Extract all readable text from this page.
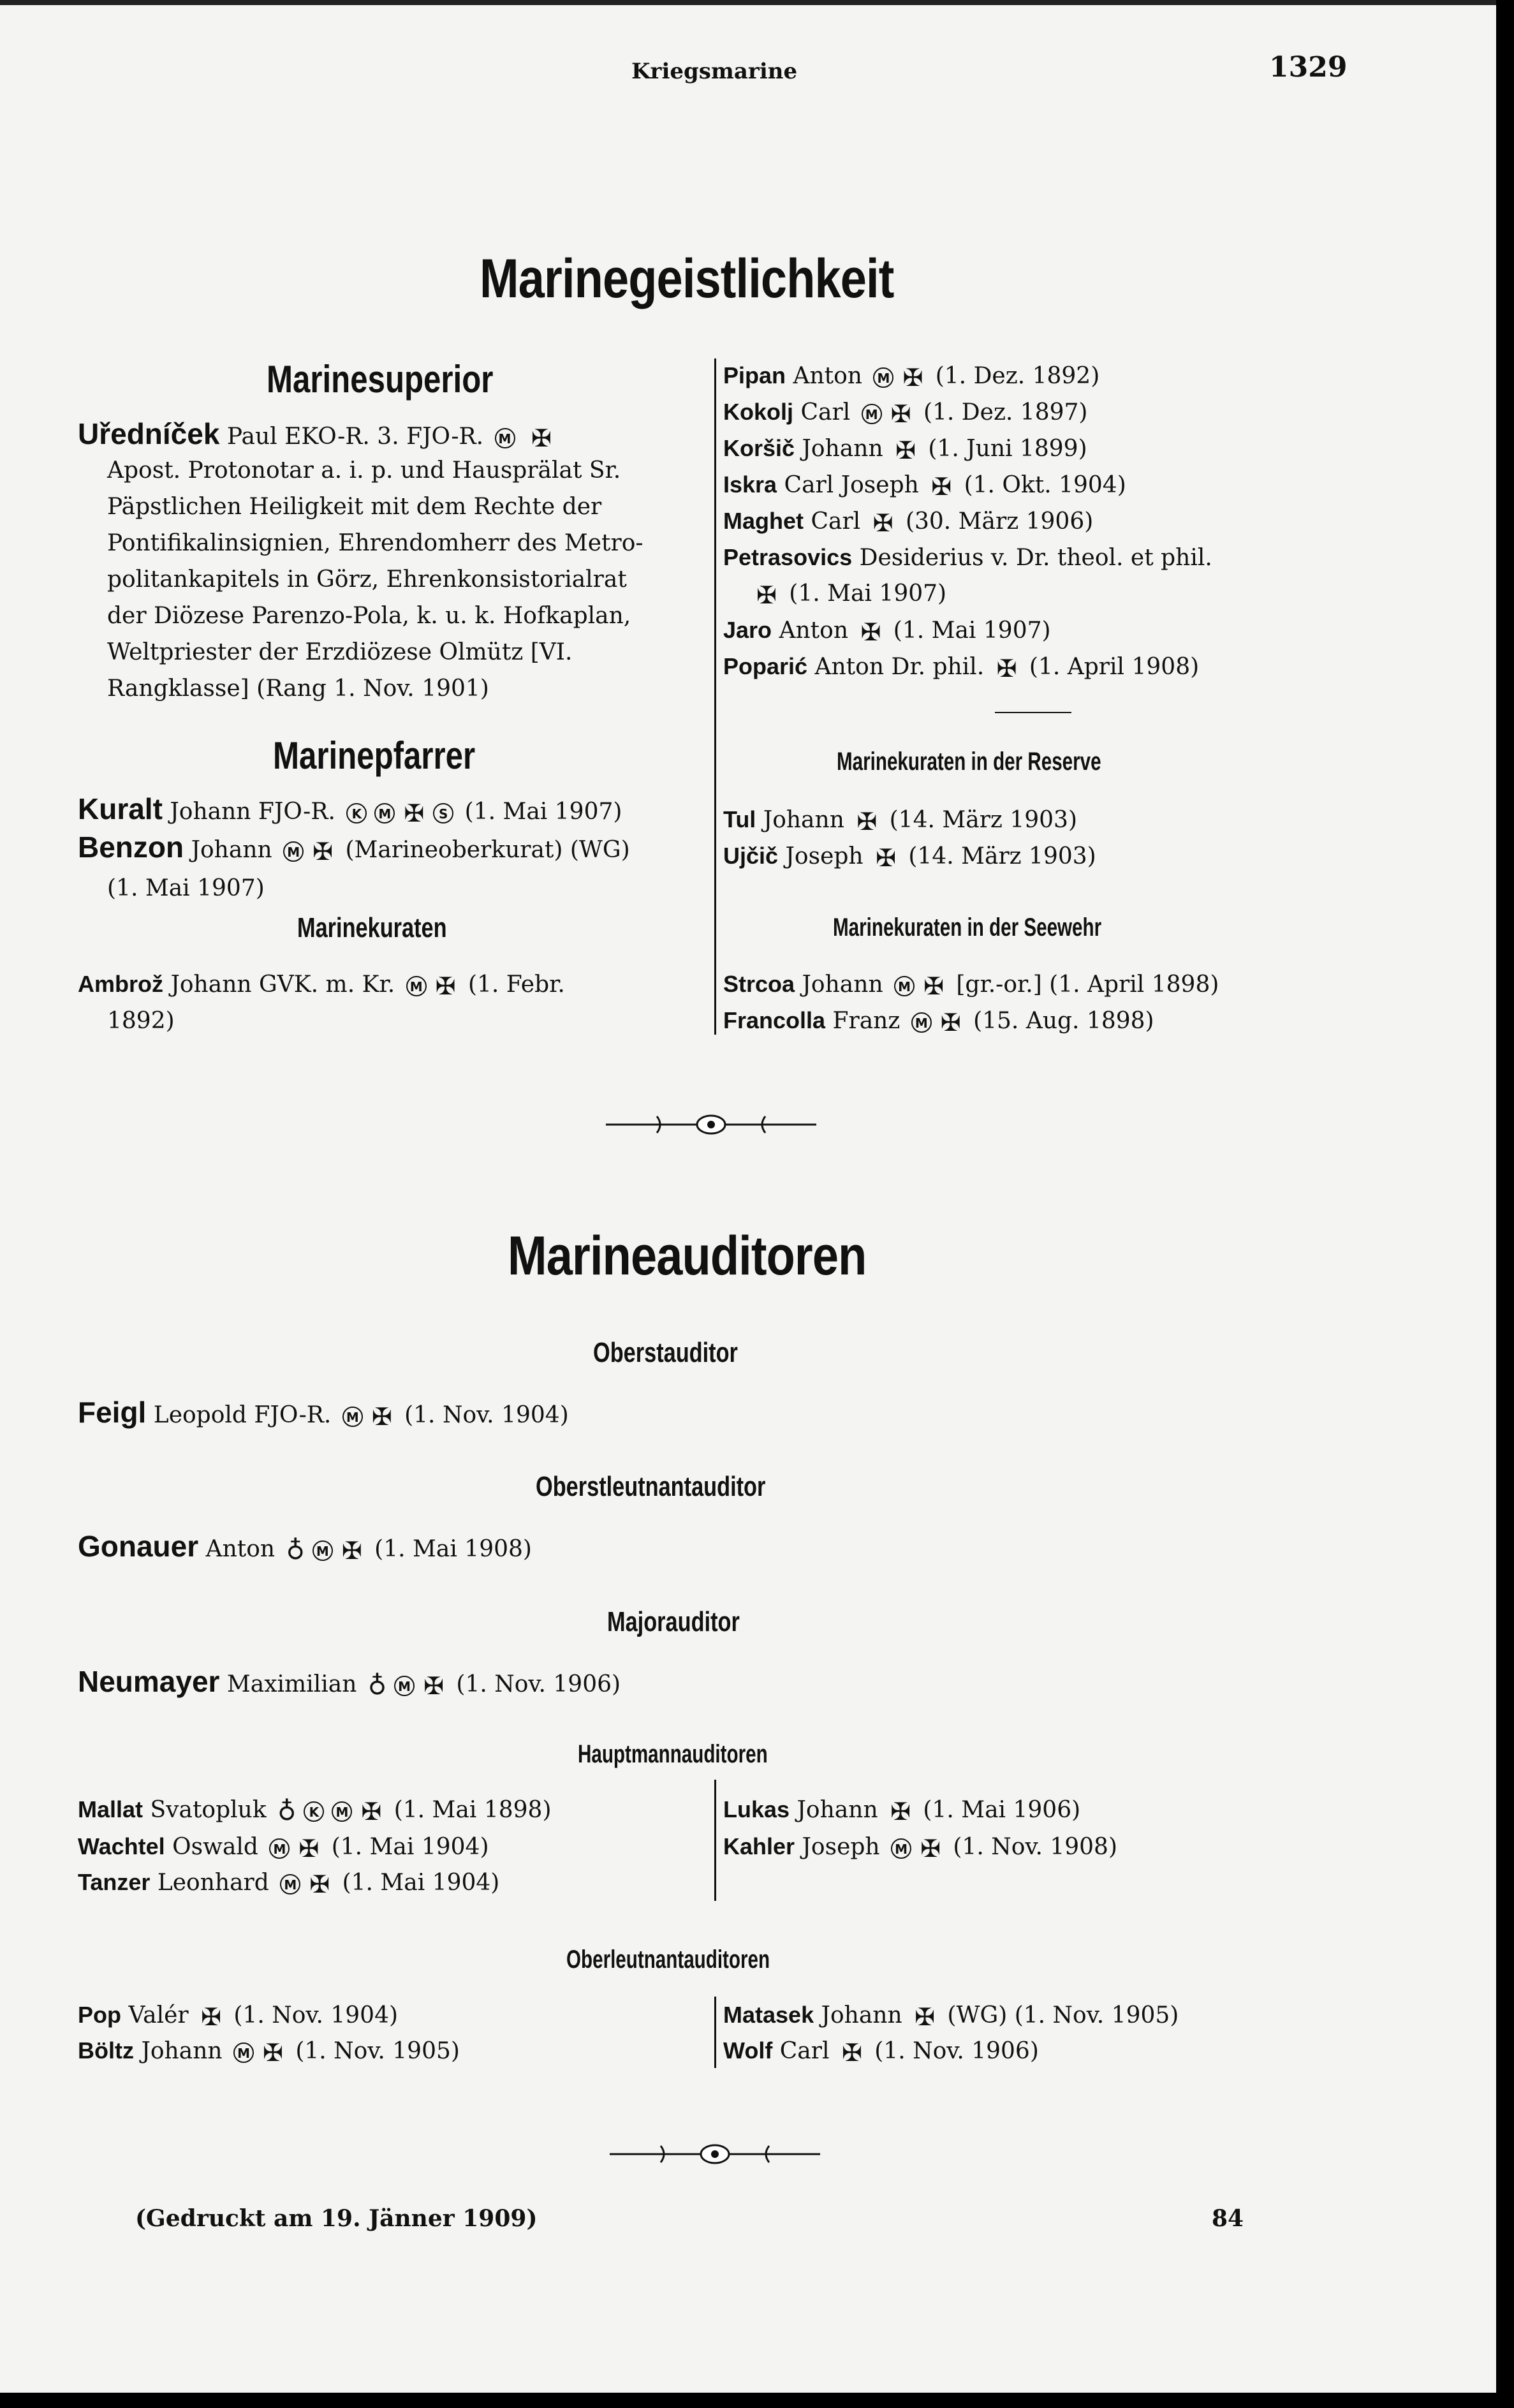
Kriegsmarine	1329
Marinegeistlichkeit
Marinesuperior
Uředníček Paul EKO-R. 3. FJO-R. M ✠
Apost. Protonotar a. i. p. und Hausprälat Sr.
Päpstlichen Heiligkeit mit dem Rechte der
Pontifikalinsignien, Ehrendomherr des Metro-
politankapitels in Görz, Ehrenkonsistorialrat
der Diözese Parenzo-Pola, k. u. k. Hofkaplan,
Weltpriester der Erzdiözese Olmütz [VI.
Rangklasse] (Rang 1. Nov. 1901)
Marinepfarrer
Kuralt Johann FJO-R. K M ✠ S (1. Mai 1907)
Benzon Johann M ✠ (Marineoberkurat) (WG)
(1. Mai 1907)
Marinekuraten
Ambrož Johann GVK. m. Kr. M ✠ (1. Febr.
1892)
Pipan Anton M ✠ (1. Dez. 1892)
Kokolj Carl M ✠ (1. Dez. 1897)
Koršič Johann ✠ (1. Juni 1899)
Iskra Carl Joseph ✠ (1. Okt. 1904)
Maghet Carl ✠ (30. März 1906)
Petrasovics Desiderius v. Dr. theol. et phil.
✠ (1. Mai 1907)
Jaro Anton ✠ (1. Mai 1907)
Poparić Anton Dr. phil. ✠ (1. April 1908)
Marinekuraten in der Reserve
Tul Johann ✠ (14. März 1903)
Ujčič Joseph ✠ (14. März 1903)
Marinekuraten in der Seewehr
Strcoa Johann M ✠ [gr.-or.] (1. April 1898)
Francolla Franz M ✠ (15. Aug. 1898)
Marineauditoren
Oberstauditor
Feigl Leopold FJO-R. M ✠ (1. Nov. 1904)
Oberstleutnantauditor
Gonauer Anton ♁ M ✠ (1. Mai 1908)
Majorauditor
Neumayer Maximilian ♁ M ✠ (1. Nov. 1906)
Hauptmannauditoren
Mallat Svatopluk ♁ K M ✠ (1. Mai 1898)
Wachtel Oswald M ✠ (1. Mai 1904)
Tanzer Leonhard M ✠ (1. Mai 1904)
Lukas Johann ✠ (1. Mai 1906)
Kahler Joseph M ✠ (1. Nov. 1908)
Oberleutnantauditoren
Pop Valér ✠ (1. Nov. 1904)
Böltz Johann M ✠ (1. Nov. 1905)
Matasek Johann ✠ (WG) (1. Nov. 1905)
Wolf Carl ✠ (1. Nov. 1906)
(Gedruckt am 19. Jänner 1909)	84
